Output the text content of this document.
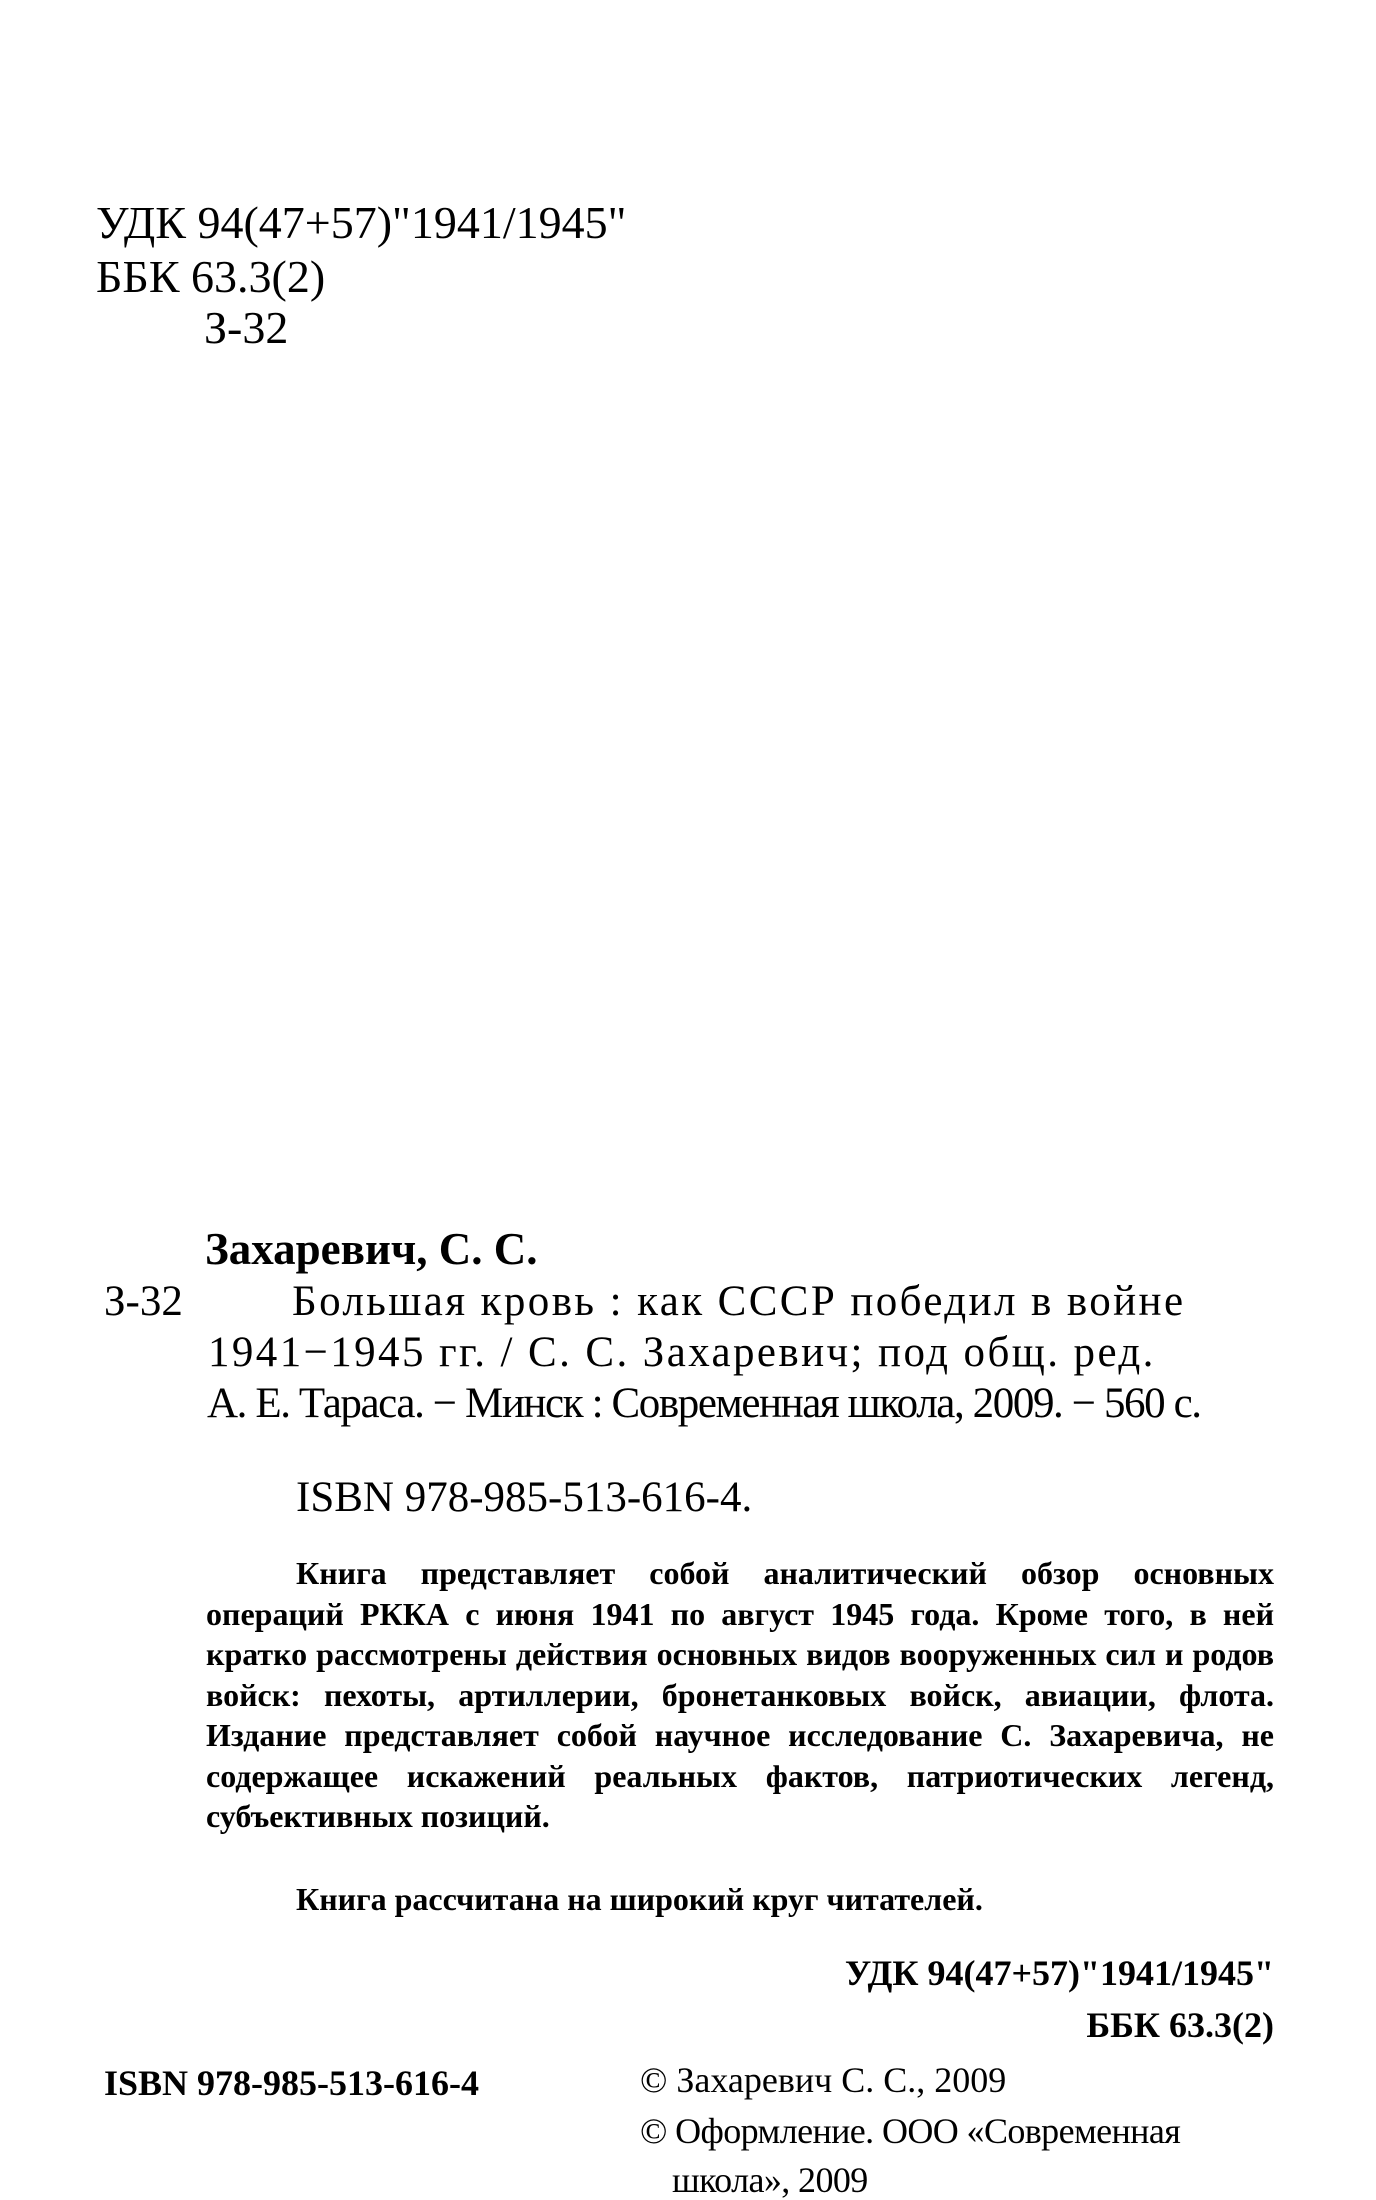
УДК 94(47+57)"1941/1945"
ББК 63.3(2)
З-32
Захаревич, С. С.
З-32	Большая кровь : как СССР победил в войне
1941−1945 гг. / С. С. Захаревич; под общ. ред.
А. Е. Тараса. − Минск : Современная школа, 2009. − 560 с.
ISBN 978-985-513-616-4.
Книга представляет собой аналитический обзор основных операций РККА с июня 1941 по август 1945 года. Кроме того, в ней кратко рассмотрены действия основных видов вооруженных сил и родов войск: пехоты, артиллерии, бронетанковых войск, авиации, флота. Издание представляет собой научное исследование С. Захаревича, не содержащее искажений реальных фактов, патриотических легенд, субъективных позиций.
Книга рассчитана на широкий круг читателей.
УДК 94(47+57)"1941/1945"
ББК 63.3(2)
ISBN 978-985-513-616-4	© Захаревич С. С., 2009
© Оформление. ООО «Современная
школа», 2009
